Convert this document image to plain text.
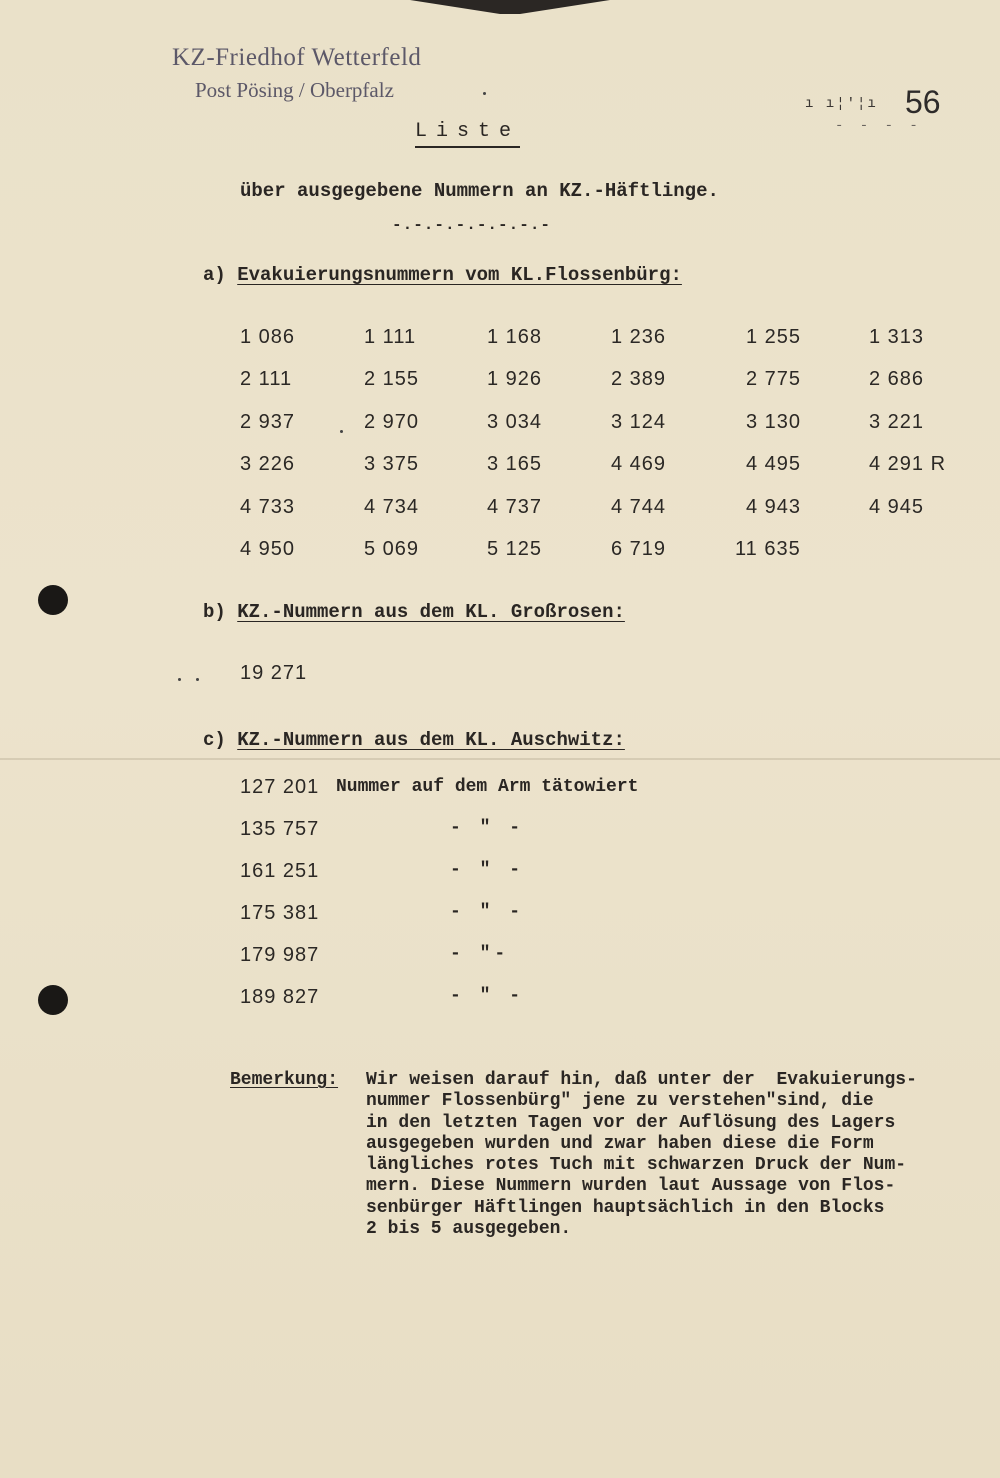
KZ-Friedhof Wetterfeld
Post Pösing / Oberpfalz
ı ı¦'¦ı
- - - -
56
Liste
über ausgegebene Nummern an KZ.-Häftlinge.
-.-.-.-.-.-.-.-
a) Evakuierungsnummern vom KL.Flossenbürg:
1 086	1 111	1 168	1 236	1 255	1 313
2 111	2 155	1 926	2 389	2 775	2 686
2 937	2 970	3 034	3 124	3 130	3 221
3 226	3 375	3 165	4 469	4 495	4 291 R
4 733	4 734	4 737	4 744	4 943	4 945
4 950	5 069	5 125	6 719	11 635
b) KZ.-Nummern aus dem KL. Großrosen:
19 271
c) KZ.-Nummern aus dem KL. Auschwitz:
127 201 Nummer auf dem Arm tätowiert
135 757	- " -
161 251	- " -
175 381	- " -
179 987	- "-
189 827	- " -
Bemerkung: Wir weisen darauf hin, daß unter der  Evakuierungs-
nummer Flossenbürg" jene zu verstehen"sind, die
in den letzten Tagen vor der Auflösung des Lagers
ausgegeben wurden und zwar haben diese die Form
längliches rotes Tuch mit schwarzen Druck der Num-
mern. Diese Nummern wurden laut Aussage von Flos-
senbürger Häftlingen hauptsächlich in den Blocks
2 bis 5 ausgegeben.
